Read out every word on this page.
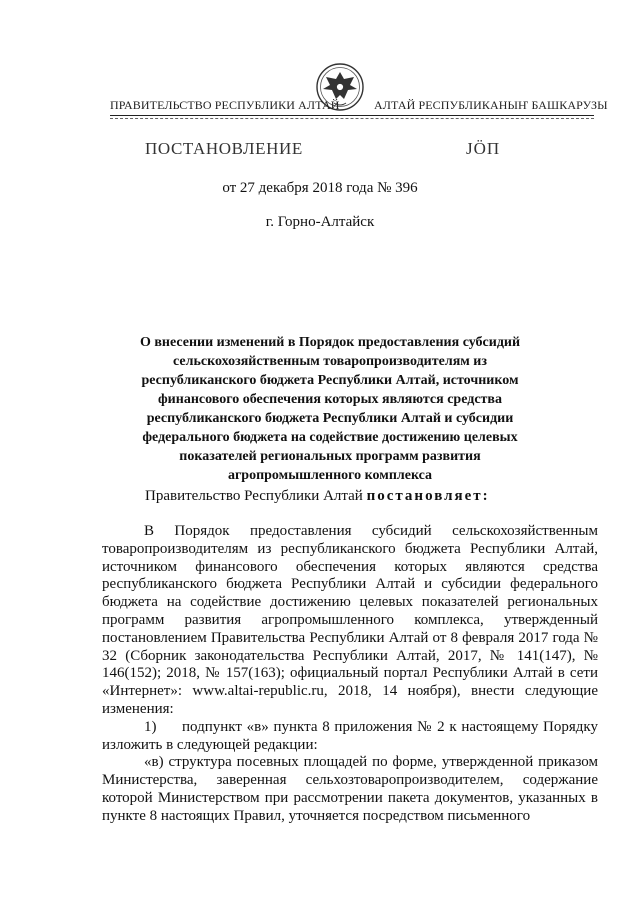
ПРАВИТЕЛЬСТВО РЕСПУБЛИКИ АЛТАЙ	АЛТАЙ РЕСПУБЛИКАНЫҤ БАШКАРУЗЫ
ПОСТАНОВЛЕНИЕ	ЈӦП
от 27 декабря 2018 года № 396
г. Горно-Алтайск

О внесении изменений в Порядок предоставления субсидий сельскохозяйственным товаропроизводителям из республиканского бюджета Республики Алтай, источником финансового обеспечения которых являются средства республиканского бюджета Республики Алтай и субсидии федерального бюджета на содействие достижению целевых показателей региональных программ развития агропромышленного комплекса

Правительство Республики Алтай постановляет:

В Порядок предоставления субсидий сельскохозяйственным товаропроизводителям из республиканского бюджета Республики Алтай, источником финансового обеспечения которых являются средства республиканского бюджета Республики Алтай и субсидии федерального бюджета на содействие достижению целевых показателей региональных программ развития агропромышленного комплекса, утвержденный постановлением Правительства Республики Алтай от 8 февраля 2017 года № 32 (Сборник законодательства Республики Алтай, 2017, № 141(147), № 146(152); 2018, № 157(163); официальный портал Республики Алтай в сети «Интернет»: www.altai-republic.ru, 2018, 14 ноября), внести следующие изменения:

1) подпункт «в» пункта 8 приложения № 2 к настоящему Порядку изложить в следующей редакции:

«в) структура посевных площадей по форме, утвержденной приказом Министерства, заверенная сельхозтоваропроизводителем, содержание которой Министерством при рассмотрении пакета документов, указанных в пункте 8 настоящих Правил, уточняется посредством письменного
